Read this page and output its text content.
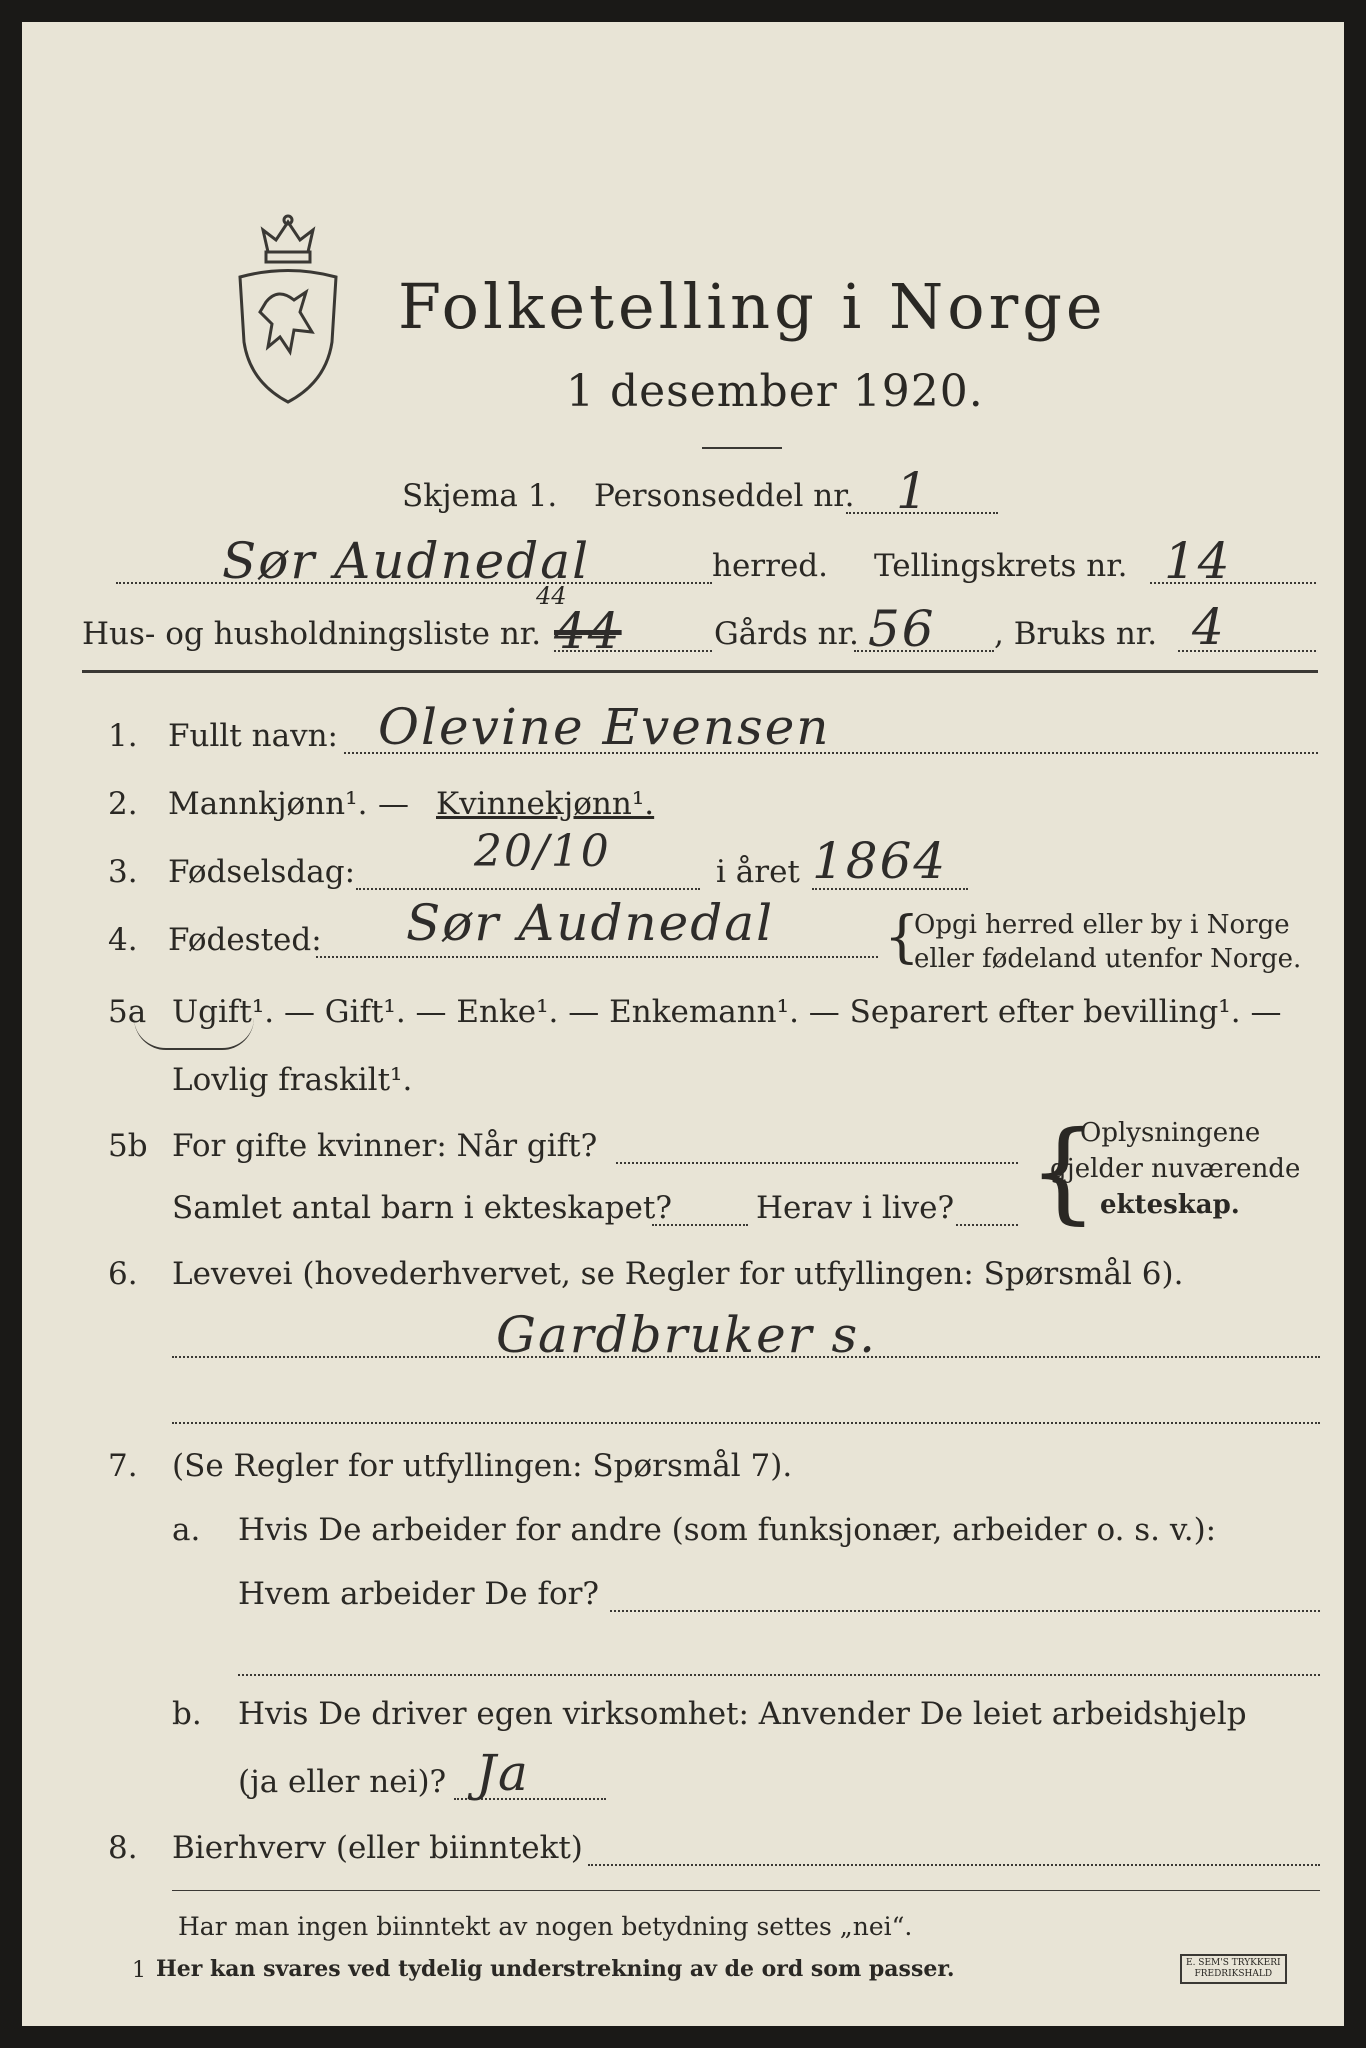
Folketelling i Norge
1 desember 1920.
Skjema 1. Personseddel nr. 1
Sør Audnedal	herred. Tellingskrets nr. 14
Hus- og husholdningsliste nr.
44
44	Gårds nr. 56 , Bruks nr. 4
1. Fullt navn: Olevine Evensen
2. Mannkjønn¹. — Kvinnekjønn¹.
3. Fødselsdag:	20/10	i året 1864
4. Fødested: Sør Audnedal {
Opgi herred eller by i Norge
eller fødeland utenfor Norge.
5a Ugift¹. — Gift¹. — Enke¹. — Enkemann¹. — Separert efter bevilling¹. —
Lovlig fraskilt¹.
5b For gifte kvinner: Når gift?
Samlet antal barn i ekteskapet?	Herav i live? {
Oplysningene
gjelder nuværende
ekteskap.
6. Levevei (hovederhvervet, se Regler for utfyllingen: Spørsmål 6).
Gardbruker s.
7. (Se Regler for utfyllingen: Spørsmål 7).
a. Hvis De arbeider for andre (som funksjonær, arbeider o. s. v.):
Hvem arbeider De for?
b. Hvis De driver egen virksomhet: Anvender De leiet arbeidshjelp
(ja eller nei)? Ja
8. Bierhverv (eller biinntekt)
Har man ingen biinntekt av nogen betydning settes „nei“.
1 Her kan svares ved tydelig understrekning av de ord som passer.	E. SEM'S TRYKKERI
FREDRIKSHALD
